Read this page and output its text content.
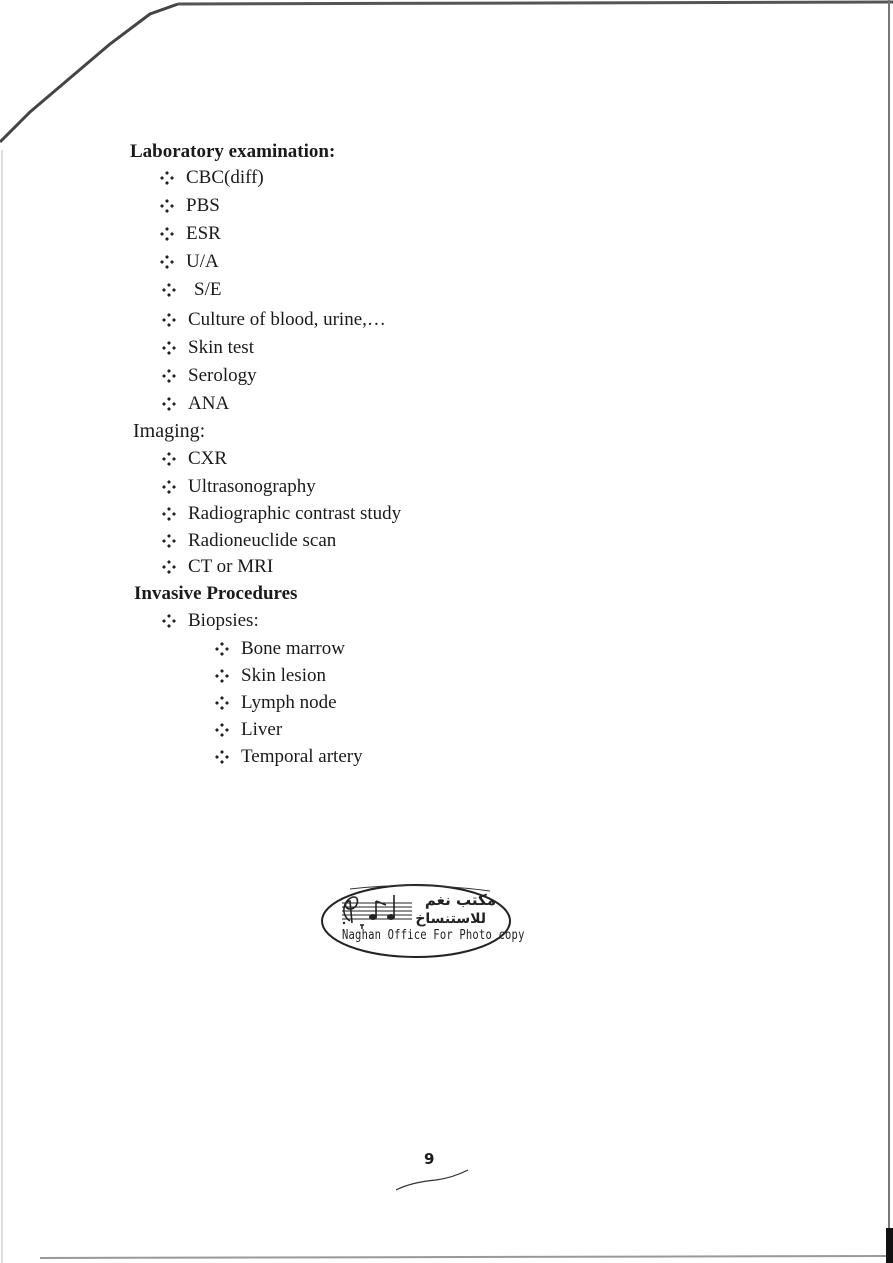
Laboratory examination:
CBC(diff)
PBS
ESR
U/A
S/E
Culture of blood, urine,…
Skin test
Serology
ANA
Imaging:
CXR
Ultrasonography
Radiographic contrast study
Radioneuclide scan
CT or MRI
Invasive Procedures
Biopsies:
Bone marrow
Skin lesion
Lymph node
Liver
Temporal artery
مكتب نغم
للاستنساخ
Naghan Office For Photo copy
9
